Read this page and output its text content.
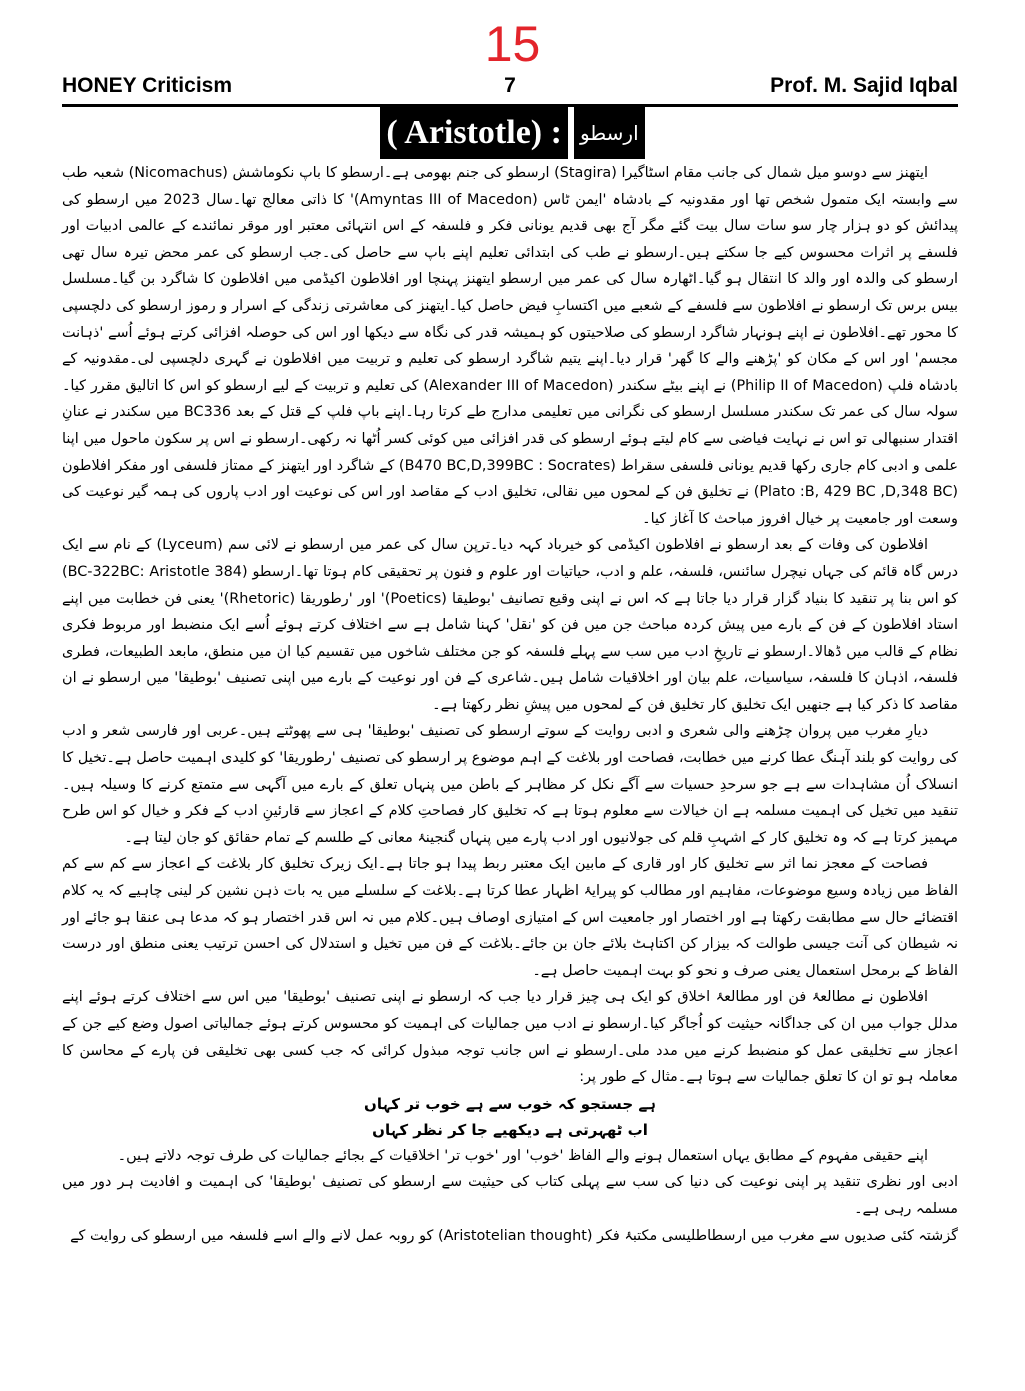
15
HONEY Criticism	7	Prof. M. Sajid Iqbal
( Aristotle) : ارسطو

ایتھنز سے دوسو میل شمال کی جانب مقام اسٹاگیرا (Stagira) ارسطو کی جنم بھومی ہے۔ارسطو کا باپ نکوماشش (Nicomachus) شعبہ طب سے وابستہ ایک متمول شخص تھا اور مقدونیہ کے بادشاہ 'ایمن ٹاس (Amyntas III of Macedon)' کا ذاتی معالج تھا۔سال 2023 میں ارسطو کی پیدائش کو دو ہزار چار سو سات سال بیت گئے مگر آج بھی قدیم یونانی فکر و فلسفہ کے اس انتہائی معتبر اور موقر نمائندے کے عالمی ادبیات اور فلسفے پر اثرات محسوس کیے جا سکتے ہیں۔ارسطو نے طب کی ابتدائی تعلیم اپنے باپ سے حاصل کی۔جب ارسطو کی عمر محض تیرہ سال تھی ارسطو کی والدہ اور والد کا انتقال ہو گیا۔اٹھارہ سال کی عمر میں ارسطو ایتھنز پہنچا اور افلاطون اکیڈمی میں افلاطون کا شاگرد بن گیا۔مسلسل بیس برس تک ارسطو نے افلاطون سے فلسفے کے شعبے میں اکتسابِ فیض حاصل کیا۔ایتھنز کی معاشرتی زندگی کے اسرار و رموز ارسطو کی دلچسپی کا محور تھے۔افلاطون نے اپنے ہونہار شاگرد ارسطو کی صلاحیتوں کو ہمیشہ قدر کی نگاہ سے دیکھا اور اس کی حوصلہ افزائی کرتے ہوئے اُسے 'ذہانت مجسم' اور اس کے مکان کو 'پڑھنے والے کا گھر' قرار دیا۔اپنے یتیم شاگرد ارسطو کی تعلیم و تربیت میں افلاطون نے گہری دلچسپی لی۔مقدونیہ کے بادشاہ فلپ (Philip II of Macedon) نے اپنے بیٹے سکندر (Alexander III of Macedon) کی تعلیم و تربیت کے لیے ارسطو کو اس کا اتالیق مقرر کیا۔سولہ سال کی عمر تک سکندر مسلسل ارسطو کی نگرانی میں تعلیمی مدارج طے کرتا رہا۔اپنے باپ فلپ کے قتل کے بعد BC336 میں سکندر نے عنانِ اقتدار سنبھالی تو اس نے نہایت فیاضی سے کام لیتے ہوئے ارسطو کی قدر افزائی میں کوئی کسر اُٹھا نہ رکھی۔ارسطو نے اس پر سکون ماحول میں اپنا علمی و ادبی کام جاری رکھا قدیم یونانی فلسفی سقراط (B470 BC,D,399BC : Socrates) کے شاگرد اور ایتھنز کے ممتاز فلسفی اور مفکر افلاطون (Plato :B, 429 BC ,D,348 BC) نے تخلیق فن کے لمحوں میں نقالی، تخلیق ادب کے مقاصد اور اس کی نوعیت اور ادب پاروں کی ہمہ گیر نوعیت کی وسعت اور جامعیت پر خیال افروز مباحث کا آغاز کیا۔

افلاطون کی وفات کے بعد ارسطو نے افلاطون اکیڈمی کو خیرباد کہہ دیا۔ترپن سال کی عمر میں ارسطو نے لائی سم (Lyceum) کے نام سے ایک درس گاہ قائم کی جہاں نیچرل سائنس، فلسفہ، علم و ادب، حیاتیات اور علوم و فنون پر تحقیقی کام ہوتا تھا۔ارسطو (384 BC-322BC: Aristotle) کو اس بنا پر تنقید کا بنیاد گزار قرار دیا جاتا ہے کہ اس نے اپنی وقیع تصانیف 'بوطیقا (Poetics)' اور 'رطوریقا (Rhetoric)' یعنی فن خطابت میں اپنے استاد افلاطون کے فن کے بارے میں پیش کردہ مباحث جن میں فن کو 'نقل' کہنا شامل ہے سے اختلاف کرتے ہوئے اُسے ایک منضبط اور مربوط فکری نظام کے قالب میں ڈھالا۔ارسطو نے تاریخِ ادب میں سب سے پہلے فلسفہ کو جن مختلف شاخوں میں تقسیم کیا ان میں منطق، مابعد الطبیعات، فطری فلسفہ، اذہان کا فلسفہ، سیاسیات، علم بیان اور اخلاقیات شامل ہیں۔شاعری کے فن اور نوعیت کے بارے میں اپنی تصنیف 'بوطیقا' میں ارسطو نے ان مقاصد کا ذکر کیا ہے جنھیں ایک تخلیق کار تخلیق فن کے لمحوں میں پیشِ نظر رکھتا ہے۔

دیارِ مغرب میں پروان چڑھنے والی شعری و ادبی روایت کے سوتے ارسطو کی تصنیف 'بوطیقا' ہی سے پھوٹتے ہیں۔عربی اور فارسی شعر و ادب کی روایت کو بلند آہنگ عطا کرنے میں خطابت، فصاحت اور بلاغت کے اہم موضوع پر ارسطو کی تصنیف 'رطوریقا' کو کلیدی اہمیت حاصل ہے۔تخیل کا انسلاک اُن مشاہدات سے ہے جو سرحدِ حسیات سے آگے نکل کر مظاہر کے باطن میں پنہاں تعلق کے بارے میں آگہی سے متمتع کرنے کا وسیلہ ہیں۔تنقید میں تخیل کی اہمیت مسلمہ ہے ان خیالات سے معلوم ہوتا ہے کہ تخلیق کار فصاحتِ کلام کے اعجاز سے قارئینِ ادب کے فکر و خیال کو اس طرح مہمیز کرتا ہے کہ وہ تخلیق کار کے اشہبِ قلم کی جولانیوں اور ادب پارے میں پنہاں گنجینۂ معانی کے طلسم کے تمام حقائق کو جان لیتا ہے۔

فصاحت کے معجز نما اثر سے تخلیق کار اور قاری کے مابین ایک معتبر ربط پیدا ہو جاتا ہے۔ایک زیرک تخلیق کار بلاغت کے اعجاز سے کم سے کم الفاظ میں زیادہ وسیع موضوعات، مفاہیم اور مطالب کو پیرایۂ اظہار عطا کرتا ہے۔بلاغت کے سلسلے میں یہ بات ذہن نشین کر لینی چاہیے کہ یہ کلام اقتضائے حال سے مطابقت رکھتا ہے اور اختصار اور جامعیت اس کے امتیازی اوصاف ہیں۔کلام میں نہ اس قدر اختصار ہو کہ مدعا ہی عنقا ہو جائے اور نہ شیطان کی آنت جیسی طوالت کہ بیزار کن اکتاہٹ بلائے جان بن جائے۔بلاغت کے فن میں تخیل و استدلال کی احسن ترتیب یعنی منطق اور درست الفاظ کے برمحل استعمال یعنی صرف و نحو کو بہت اہمیت حاصل ہے۔

افلاطون نے مطالعۂ فن اور مطالعۂ اخلاق کو ایک ہی چیز قرار دیا جب کہ ارسطو نے اپنی تصنیف 'بوطیقا' میں اس سے اختلاف کرتے ہوئے اپنے مدلل جواب میں ان کی جداگانہ حیثیت کو اُجاگر کیا۔ارسطو نے ادب میں جمالیات کی اہمیت کو محسوس کرتے ہوئے جمالیاتی اصول وضع کیے جن کے اعجاز سے تخلیقی عمل کو منضبط کرنے میں مدد ملی۔ارسطو نے اس جانب توجہ مبذول کرائی کہ جب کسی بھی تخلیقی فن پارے کے محاسن کا معاملہ ہو تو ان کا تعلق جمالیات سے ہوتا ہے۔مثال کے طور پر:

ہے جستجو کہ خوب سے ہے خوب تر کہاں
اب ٹھہرتی ہے دیکھیے جا کر نظر کہاں

اپنے حقیقی مفہوم کے مطابق یہاں استعمال ہونے والے الفاظ 'خوب' اور 'خوب تر' اخلاقیات کے بجائے جمالیات کی طرف توجہ دلاتے ہیں۔

ادبی اور نظری تنقید پر اپنی نوعیت کی دنیا کی سب سے پہلی کتاب کی حیثیت سے ارسطو کی تصنیف 'بوطیقا' کی اہمیت و افادیت ہر دور میں مسلمہ رہی ہے۔

گزشتہ کئی صدیوں سے مغرب میں ارسطاطلیسی مکتبۂ فکر (Aristotelian thought) کو روبہ عمل لانے والے اسے فلسفہ میں ارسطو کی روایت کے
